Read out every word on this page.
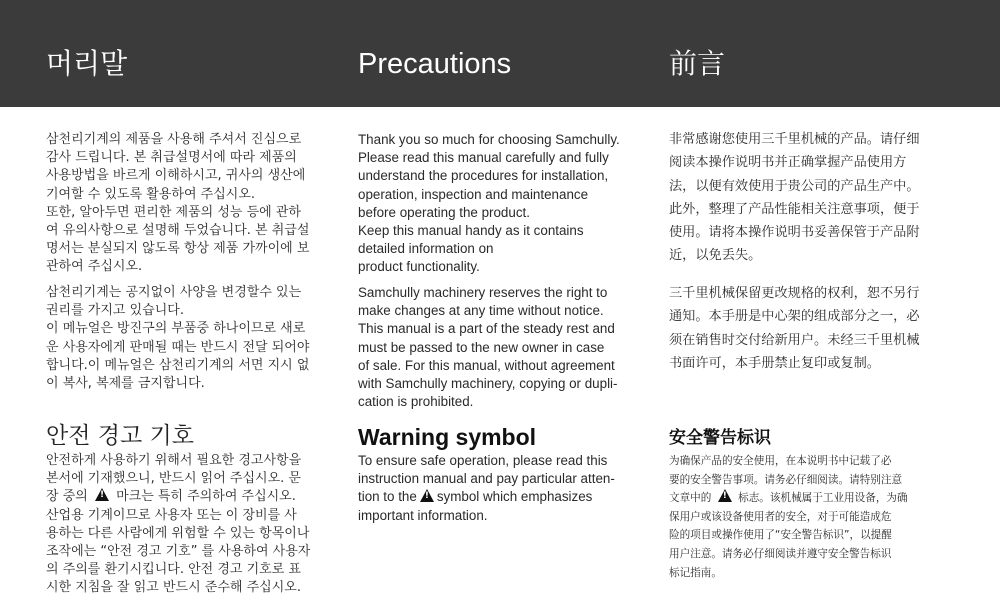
머리말	Precautions	前言

삼천리기계의 제품을 사용해 주셔서 진심으로
감사 드립니다. 본 취급설명서에 따라 제품의
사용방법을 바르게 이해하시고, 귀사의 생산에
기여할 수 있도록 활용하여 주십시오.
또한, 알아두면 편리한 제품의 성능 등에 관하
여 유의사항으로 설명해 두었습니다. 본 취급설
명서는 분실되지 않도록 항상 제품 가까이에 보
관하여 주십시오.

삼천리기계는 공지없이 사양을 변경할수 있는
권리를 가지고 있습니다.
이 메뉴얼은 방진구의 부품중 하나이므로 새로
운 사용자에게 판매될 때는 반드시 전달 되어야
합니다.이 메뉴얼은 삼천리기계의 서면 지시 없
이 복사, 복제를 금지합니다.

안전 경고 기호

안전하게 사용하기 위해서 필요한 경고사항을
본서에 기재했으니, 반드시 읽어 주십시오. 문
장 중의 ! 마크는 특히 주의하여 주십시오.
산업용 기계이므로 사용자 또는 이 장비를 사
용하는 다른 사람에게 위험할 수 있는 항목이나
조작에는 “안전 경고 기호” 를 사용하여 사용자
의 주의를 환기시킵니다. 안전 경고 기호로 표
시한 지침을 잘 읽고 반드시 준수해 주십시오.

Thank you so much for choosing Samchully.
Please read this manual carefully and fully
understand the procedures for installation,
operation, inspection and maintenance
before operating the product.
Keep this manual handy as it contains
detailed information on
product functionality.

Samchully machinery reserves the right to
make changes at any time without notice.
This manual is a part of the steady rest and
must be passed to the new owner in case
of sale. For this manual, without agreement
with Samchully machinery, copying or dupli-
cation is prohibited.

Warning symbol

To ensure safe operation, please read this
instruction manual and pay particular atten-
tion to the ! symbol which emphasizes
important information.

非常感谢您使用三千里机械的产品。请仔细
阅读本操作说明书并正确掌握产品使用方
法，以便有效使用于贵公司的产品生产中。
此外，整理了产品性能相关注意事项，便于
使用。请将本操作说明书妥善保管于产品附
近，以免丢失。

三千里机械保留更改规格的权利，恕不另行
通知。本手册是中心架的组成部分之一，必
须在销售时交付给新用户。未经三千里机械
书面许可，本手册禁止复印或复制。

安全警告标识

为确保产品的安全使用，在本说明书中记载了必
要的安全警告事项。请务必仔细阅读。请特别注意
文章中的 !	标志。该机械属于工业用设备，为确
保用户或该设备使用者的安全，对于可能造成危
险的项目或操作使用了“安全警告标识”，以提醒
用户注意。请务必仔细阅读并遵守安全警告标识
标记指南。
